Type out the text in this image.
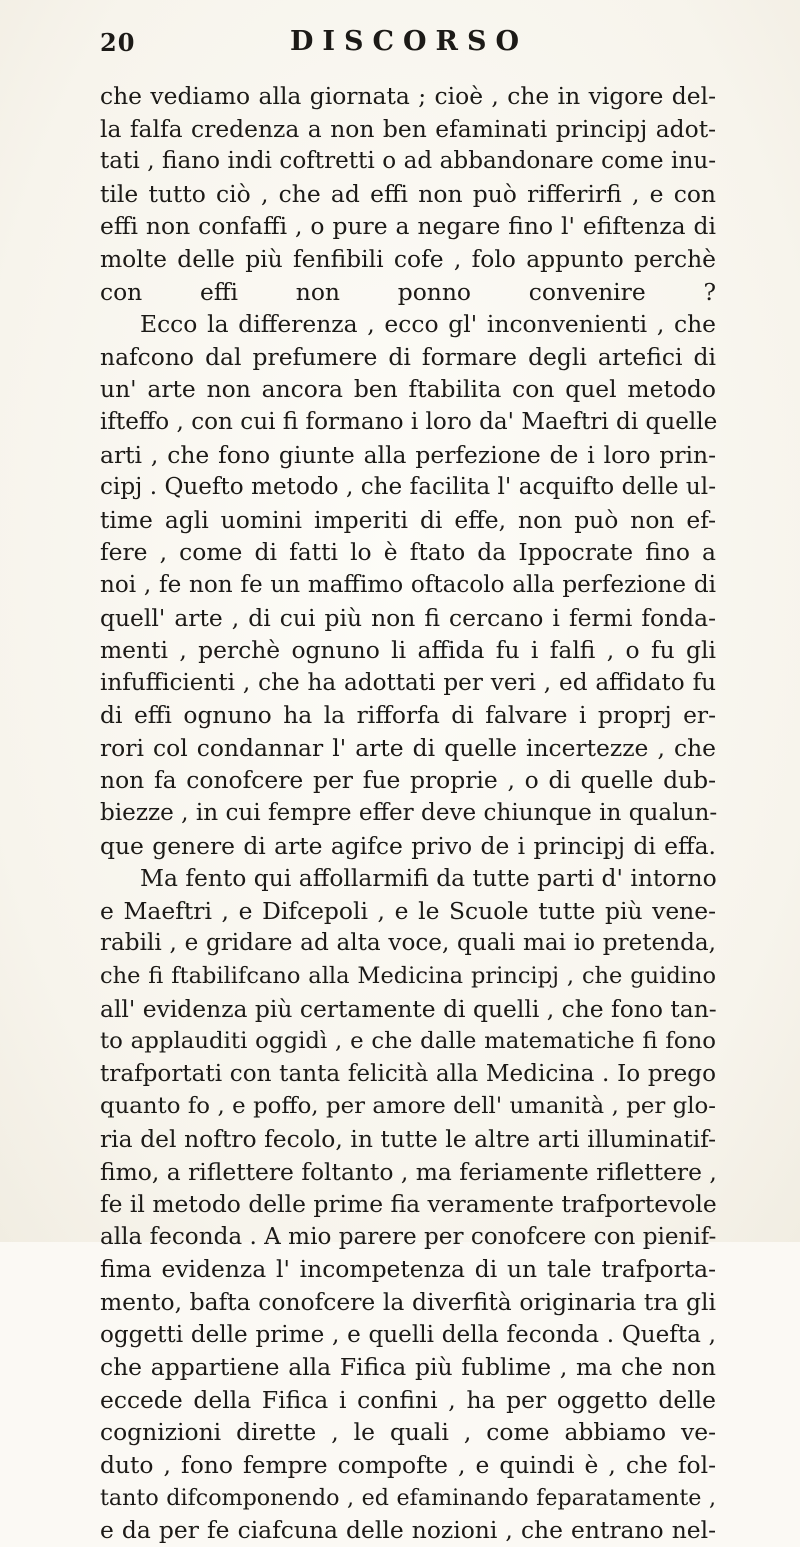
20	DISCORSO
che vediamo alla giornata ; cioè , che in vigore del-
la falfa credenza a non ben efaminati principj adot-
tati , fiano indi coftretti o ad abbandonare come inu-
tile tutto ciò , che ad effi non può rifferirfi , e con
effi non confaffi , o pure a negare fino l' efiftenza di
molte delle più fenfibili cofe , folo appunto perchè
con effi non ponno convenire ?
Ecco la differenza , ecco gl' inconvenienti , che
nafcono dal prefumere di formare degli artefici di
un' arte non ancora ben ftabilita con quel metodo
ifteffo , con cui fi formano i loro da' Maeftri di quelle
arti , che fono giunte alla perfezione de i loro prin-
cipj . Quefto metodo , che facilita l' acquifto delle ul-
time agli uomini imperiti di effe, non può non ef-
fere , come di fatti lo è ftato da Ippocrate fino a
noi , fe non fe un maffimo oftacolo alla perfezione di
quell' arte , di cui più non fi cercano i fermi fonda-
menti , perchè ognuno li affida fu i falfi , o fu gli
infufficienti , che ha adottati per veri , ed affidato fu
di effi ognuno ha la rifforfa di falvare i proprj er-
rori col condannar l' arte di quelle incertezze , che
non fa conofcere per fue proprie , o di quelle dub-
biezze , in cui fempre effer deve chiunque in qualun-
que genere di arte agifce privo de i principj di effa.
Ma fento qui affollarmifi da tutte parti d' intorno
e Maeftri , e Difcepoli , e le Scuole tutte più vene-
rabili , e gridare ad alta voce, quali mai io pretenda,
che fi ftabilifcano alla Medicina principj , che guidino
all' evidenza più certamente di quelli , che fono tan-
to applauditi oggidì , e che dalle matematiche fi fono
trafportati con tanta felicità alla Medicina . Io prego
quanto fo , e poffo, per amore dell' umanità , per glo-
ria del noftro fecolo, in tutte le altre arti illuminatif-
fimo, a riflettere foltanto , ma feriamente riflettere ,
fe il metodo delle prime fia veramente trafportevole
alla feconda . A mio parere per conofcere con pienif-
fima evidenza l' incompetenza di un tale trafporta-
mento, bafta conofcere la diverfità originaria tra gli
oggetti delle prime , e quelli della feconda . Quefta ,
che appartiene alla Fifica più fublime , ma che non
eccede della Fifica i confini , ha per oggetto delle
cognizioni dirette , le quali , come abbiamo ve-
duto , fono fempre compofte , e quindi è , che fol-
tanto difcomponendo , ed efaminando feparatamente ,
e da per fe ciafcuna delle nozioni , che entrano nel-
